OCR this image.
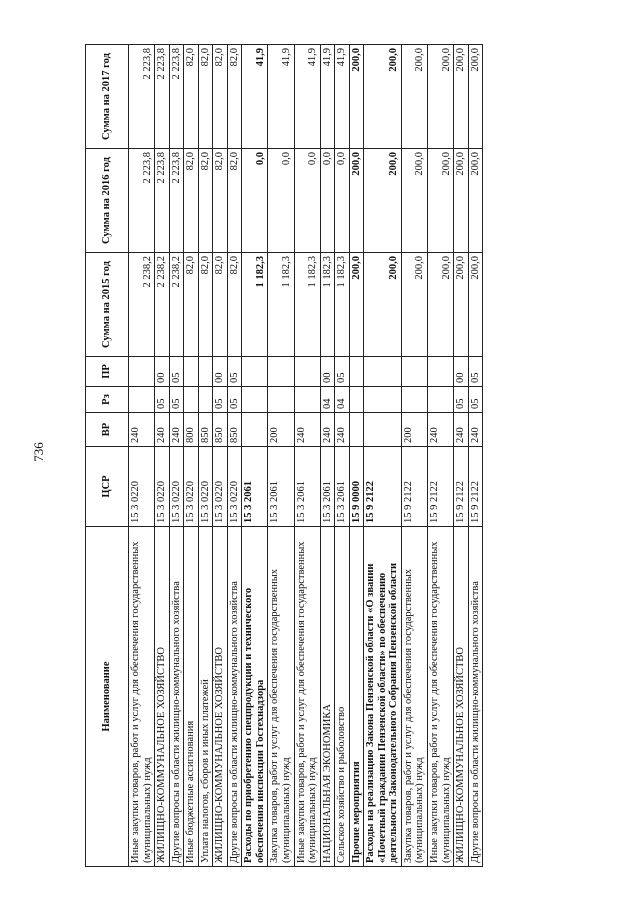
736
Наименование	ЦСР	ВР	Рз	ПР	Сумма на 2015 год	Сумма на 2016 год	Сумма на 2017 год
Иные закупки товаров, работ и услуг для обеспечения государственных (муниципальных) нужд	15 3 0220	240			2 238,2	2 223,8	2 223,8
ЖИЛИЩНО-КОММУНАЛЬНОЕ ХОЗЯЙСТВО	15 3 0220	240	05	00	2 238,2	2 223,8	2 223,8
Другие вопросы в области жилищно-коммунального хозяйства	15 3 0220	240	05	05	2 238,2	2 223,8	2 223,8
Иные бюджетные ассигнования	15 3 0220	800			82,0	82,0	82,0
Уплата налогов, сборов и иных платежей	15 3 0220	850			82,0	82,0	82,0
ЖИЛИЩНО-КОММУНАЛЬНОЕ ХОЗЯЙСТВО	15 3 0220	850	05	00	82,0	82,0	82,0
Другие вопросы в области жилищно-коммунального хозяйства	15 3 0220	850	05	05	82,0	82,0	82,0
Расходы по приобретению спецпродукции и технического обеспечения инспекции Гостехнадзора	15 3 2061				1 182,3	0,0	41,9
Закупка товаров, работ и услуг для обеспечения государственных (муниципальных) нужд	15 3 2061	200			1 182,3	0,0	41,9
Иные закупки товаров, работ и услуг для обеспечения государственных (муниципальных) нужд	15 3 2061	240			1 182,3	0,0	41,9
НАЦИОНАЛЬНАЯ ЭКОНОМИКА	15 3 2061	240	04	00	1 182,3	0,0	41,9
Сельское хозяйство и рыболовство	15 3 2061	240	04	05	1 182,3	0,0	41,9
Прочие мероприятия	15 9 0000				200,0	200,0	200,0
Расходы на реализацию Закона Пензенской области «О звании «Почетный гражданин Пензенской области» по обеспечению деятельности Законодательного Собрания Пензенской области	15 9 2122				200,0	200,0	200,0
Закупка товаров, работ и услуг для обеспечения государственных (муниципальных) нужд	15 9 2122	200			200,0	200,0	200,0
Иные закупки товаров, работ и услуг для обеспечения государственных (муниципальных) нужд	15 9 2122	240			200,0	200,0	200,0
ЖИЛИЩНО-КОММУНАЛЬНОЕ ХОЗЯЙСТВО	15 9 2122	240	05	00	200,0	200,0	200,0
Другие вопросы в области жилищно-коммунального хозяйства	15 9 2122	240	05	05	200,0	200,0	200,0
